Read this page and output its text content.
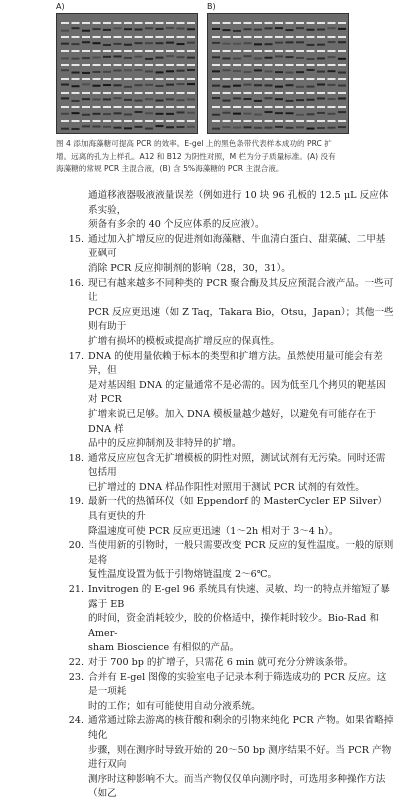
A)	B)

图 4 添加海藻糖可提高 PCR 的效率。E-gel 上的黑色条带代表样本成功的 PRC 扩

增。远离的孔为上样孔。A12 和 B12 为阴性对照，M 栏为分子质量标准。(A) 没有

海藻糖的常规 PCR 主混合液，(B) 含 5%海藻糖的 PCR 主混合液。

通道移液器吸液液量误差（例如进行 10 块 96 孔板的 12.5 μL 反应体系实验，
须备有多余的 40 个反应体系的反应液）。
15. 通过加入扩增反应的促进剂如海藻糖、牛血清白蛋白、甜菜碱、二甲基亚砜可
消除 PCR 反应抑制剂的影响（28，30，31）。
16. 现已有越来越多不同种类的 PCR 聚合酶及其反应预混合液产品。一些可让
PCR 反应更迅速（如 Z Taq，Takara Bio，Otsu，Japan）；其他一些则有助于
扩增有损坏的模板或提高扩增反应的保真性。
17. DNA 的使用量依赖于标本的类型和扩增方法。虽然使用量可能会有差异，但
是对基因组 DNA 的定量通常不是必需的。因为低至几个拷贝的靶基因对 PCR
扩增来说已足够。加入 DNA 模板量越少越好，以避免有可能存在于 DNA 样
品中的反应抑制剂及非特异的扩增。
18. 通常反应应包含无扩增模板的阴性对照，测试试剂有无污染。同时还需包括用
已扩增过的 DNA 样品作阳性对照用于测试 PCR 试剂的有效性。
19. 最新一代的热循环仪（如 Eppendorf 的 MasterCycler EP Silver）具有更快的升
降温速度可使 PCR 反应更迅速（1～2h 相对于 3～4 h）。
20. 当使用新的引物时，一般只需要改变 PCR 反应的复性温度。一般的原则是将
复性温度设置为低于引物熔链温度 2～6℃。
21. Invitrogen 的 E-gel 96 系统具有快速、灵敏、均一的特点并缩短了暴露于 EB
的时间，资金消耗较少，胶的价格适中，操作耗时较少。Bio-Rad 和 Amer-
sham Bioscience 有相似的产品。
22. 对于 700 bp 的扩增子，只需花 6 min 就可充分分辨该条带。
23. 合并有 E-gel 图像的实验室电子记录本利于筛选成功的 PCR 反应。这是一项耗
时的工作；如有可能使用自动分液系统。
24. 通常通过除去游离的核苷酸和剩余的引物来纯化 PCR 产物。如果省略掉纯化
步骤，则在测序时导致开始的 20～50 bp 测序结果不好。当 PCR 产物进行双向
测序时这种影响不大。而当产物仅仅单向测序时，可选用多种操作方法（如乙
